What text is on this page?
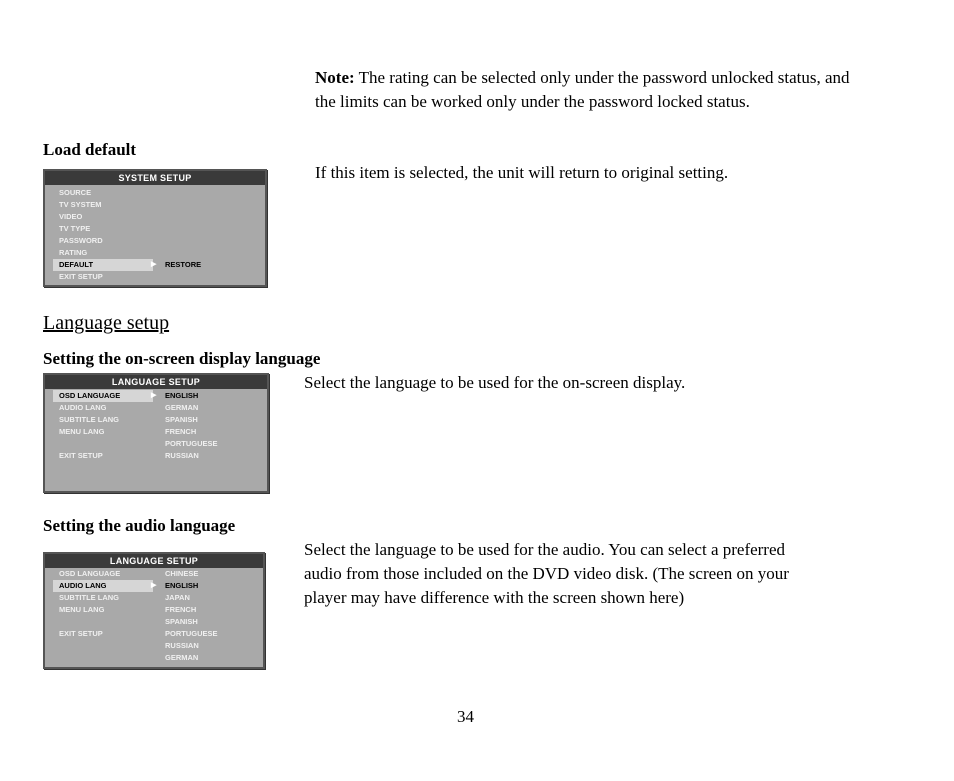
Note: The rating can be selected only under the password unlocked status, and
the limits can be worked only under the password locked status.
Load default
If this item is selected, the unit will return to original setting.
SYSTEM SETUP
SOURCE
TV SYSTEM
VIDEO
TV TYPE
PASSWORD
RATING
DEFAULT	▶ RESTORE
EXIT SETUP
Language setup
Setting the on-screen display language
Select the language to be used for the on-screen display.
LANGUAGE SETUP
OSD LANGUAGE	▶ ENGLISH
AUDIO LANG	GERMAN
SUBTITLE LANG	SPANISH
MENU LANG	FRENCH
PORTUGUESE
EXIT SETUP	RUSSIAN
Setting the audio language
Select the language to be used for the audio. You can select a preferred
audio from those included on the DVD video disk. (The screen on your
player may have difference with the screen shown here)
LANGUAGE SETUP
OSD LANGUAGE	CHINESE
AUDIO LANG	▶ ENGLISH
SUBTITLE LANG	JAPAN
MENU LANG	FRENCH
SPANISH
EXIT SETUP	PORTUGUESE
RUSSIAN
GERMAN
34
